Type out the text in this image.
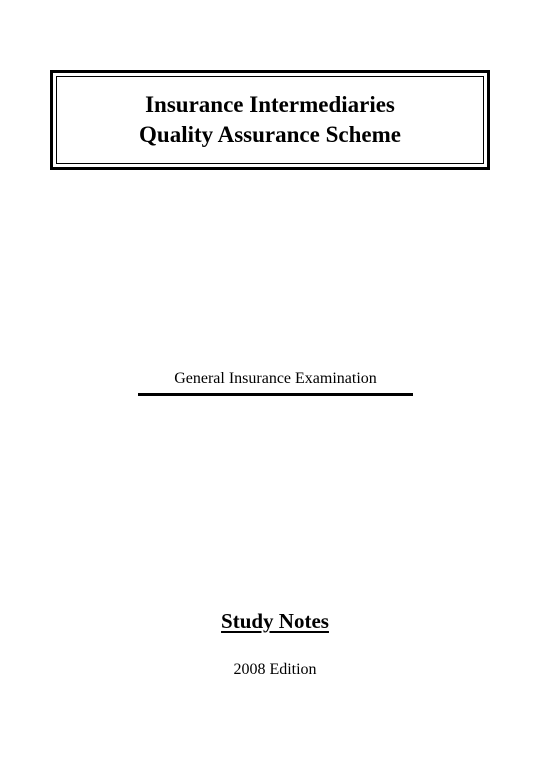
Insurance Intermediaries
Quality Assurance Scheme
General Insurance Examination
Study Notes
2008 Edition
